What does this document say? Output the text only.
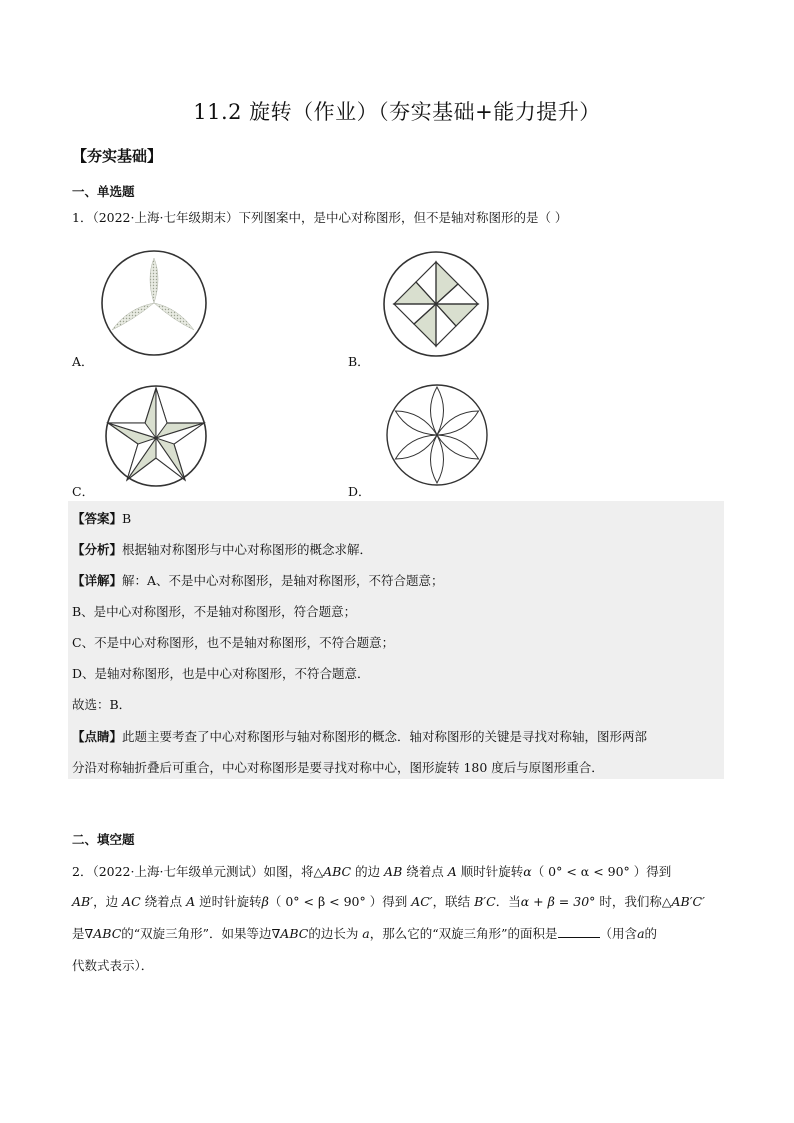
11.2 旋转（作业）（夯实基础+能力提升）
【夯实基础】
一、单选题
1．（2022·上海·七年级期末）下列图案中，是中心对称图形，但不是轴对称图形的是（ ）
A．	B．
C．	D．
【答案】B
【分析】根据轴对称图形与中心对称图形的概念求解．
【详解】解：A、不是中心对称图形，是轴对称图形，不符合题意；
B、是中心对称图形，不是轴对称图形，符合题意；
C、不是中心对称图形，也不是轴对称图形，不符合题意；
D、是轴对称图形，也是中心对称图形，不符合题意．
故选：B．
【点睛】此题主要考查了中心对称图形与轴对称图形的概念．轴对称图形的关键是寻找对称轴，图形两部
分沿对称轴折叠后可重合，中心对称图形是要寻找对称中心，图形旋转 180 度后与原图形重合．
二、填空题
2．（2022·上海·七年级单元测试）如图，将△ABC 的边 AB 绕着点 A 顺时针旋转α（ 0° < α < 90° ）得到
AB′，边 AC 绕着点 A 逆时针旋转β（ 0° < β < 90° ）得到 AC′，联结 B′C．当α + β = 30° 时，我们称△AB′C′
是∇ABC的“双旋三角形”．如果等边∇ABC的边长为 a，那么它的“双旋三角形”的面积是	（用含a的
代数式表示）．
